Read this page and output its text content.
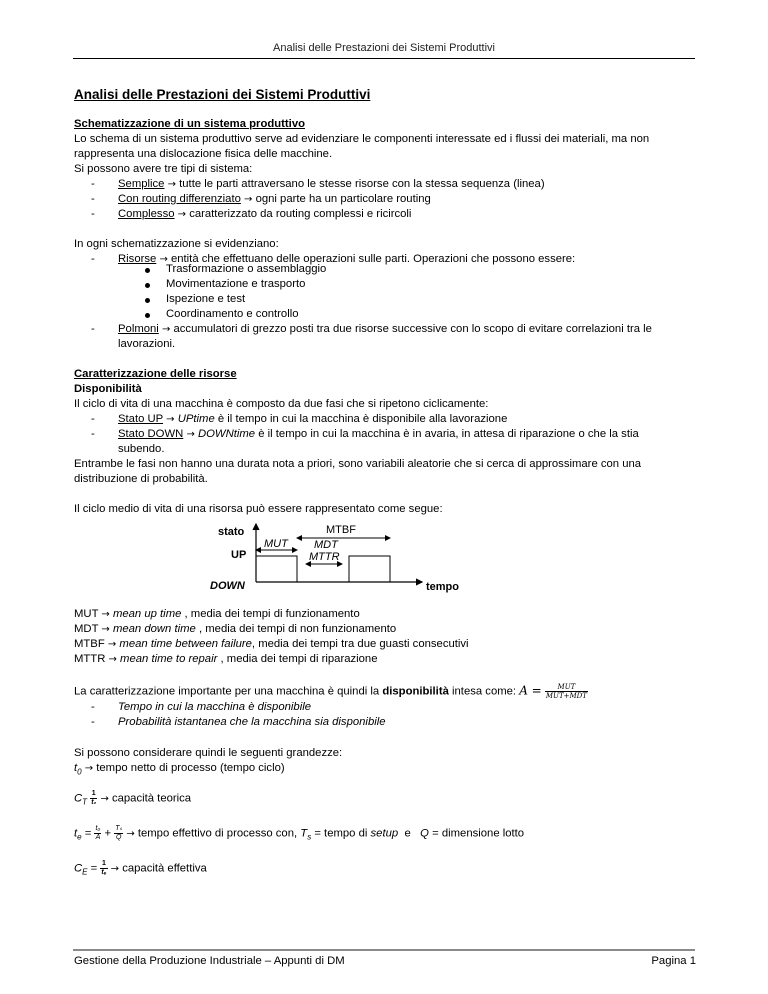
Analisi delle Prestazioni dei Sistemi Produttivi
Analisi delle Prestazioni dei Sistemi Produttivi
Schematizzazione di un sistema produttivo
Lo schema di un sistema produttivo serve ad evidenziare le componenti interessate ed i flussi dei materiali, ma non
rappresenta una dislocazione fisica delle macchine.
Si possono avere tre tipi di sistema:
- Semplice → tutte le parti attraversano le stesse risorse con la stessa sequenza (linea)
- Con routing differenziato → ogni parte ha un particolare routing
- Complesso → caratterizzato da routing complessi e ricircoli
In ogni schematizzazione si evidenziano:
- Risorse → entità che effettuano delle operazioni sulle parti. Operazioni che possono essere:
Trasformazione o assemblaggio
Movimentazione e trasporto
Ispezione e test
Coordinamento e controllo
- Polmoni → accumulatori di grezzo posti tra due risorse successive con lo scopo di evitare correlazioni tra le
lavorazioni.
Caratterizzazione delle risorse
Disponibilità
Il ciclo di vita di una macchina è composto da due fasi che si ripetono ciclicamente:
- Stato UP → UPtime è il tempo in cui la macchina è disponibile alla lavorazione
- Stato DOWN → DOWNtime è il tempo in cui la macchina è in avaria, in attesa di riparazione o che la stia
subendo.
Entrambe le fasi non hanno una durata nota a priori, sono variabili aleatorie che si cerca di approssimare con una
distribuzione di probabilità.
Il ciclo medio di vita di una risorsa può essere rappresentato come segue:
stato
UP
DOWN	tempo
MTBF
MUT MDT
MTTR
MUT → mean up time , media dei tempi di funzionamento
MDT → mean down time , media dei tempi di non funzionamento
MTBF → mean time between failure, media dei tempi tra due guasti consecutivi
MTTR → mean time to repair , media dei tempi di riparazione
La caratterizzazione importante per una macchina è quindi la disponibilità intesa come: $A = \frac{\text{MUT}}{\text{MUT+MDT}}$
- Tempo in cui la macchina è disponibile
- Probabilità istantanea che la macchina sia disponibile
Si possono considerare quindi le seguenti grandezze:
$t_0$ → tempo netto di processo (tempo ciclo)
$C_T \frac{1}{\text{t₀}}$ → capacità teorica
$t_e = \frac{\text{t₀}}{A} + \frac{\text{Tₛ}}{Q}$ → tempo effettivo di processo con, $T_s$ = tempo di setup  e   Q = dimensione lotto
$C_E = \frac{1}{\text{tₑ}}$ → capacità effettiva
Gestione della Produzione Industriale – Appunti di DM	Pagina 1
